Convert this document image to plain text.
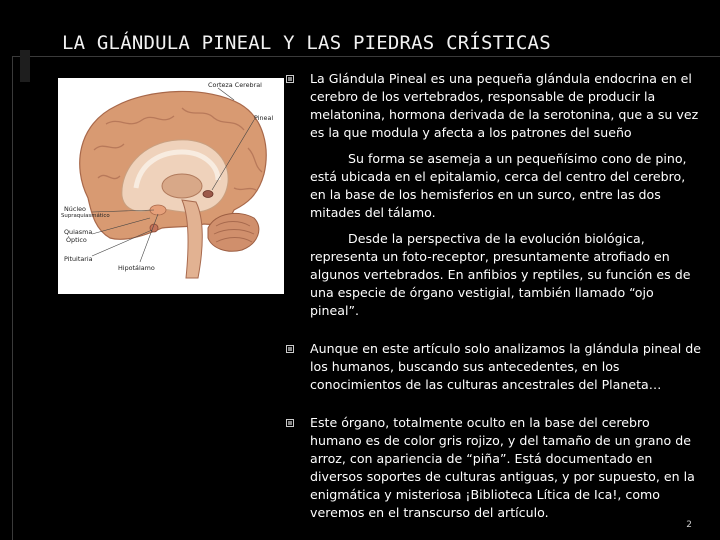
LA GLÁNDULA PINEAL Y LAS PIEDRAS CRÍSTICAS
Corteza Cerebral
Pineal
Núcleo
Supraquiasmático
Quiasma
Óptico
Pituitaria
Hipotálamo
La Glándula Pineal es una pequeña glándula endocrina en el cerebro de los vertebrados, responsable de producir la melatonina, hormona derivada de la serotonina, que a su vez es la que modula y afecta a los patrones del sueño
Su forma se asemeja a un pequeñísimo cono de pino, está ubicada en el epitalamio, cerca del centro del cerebro, en la base de los hemisferios en un surco, entre las dos mitades del tálamo.
Desde la perspectiva de la evolución biológica, representa un foto-receptor, presuntamente atrofiado en algunos vertebrados. En anfibios y reptiles, su función es de una especie de órgano vestigial, también llamado “ojo pineal”.
Aunque en este artículo solo analizamos la glándula pineal de los humanos, buscando sus antecedentes, en los conocimientos de las culturas ancestrales del Planeta…
Este órgano, totalmente oculto en la base del cerebro humano es de color gris rojizo, y del tamaño de un grano de arroz, con apariencia de “piña”. Está documentado en diversos soportes de culturas antiguas, y por supuesto, en la enigmática y misteriosa ¡Biblioteca Lítica de Ica!, como veremos en el transcurso del artículo.
2
